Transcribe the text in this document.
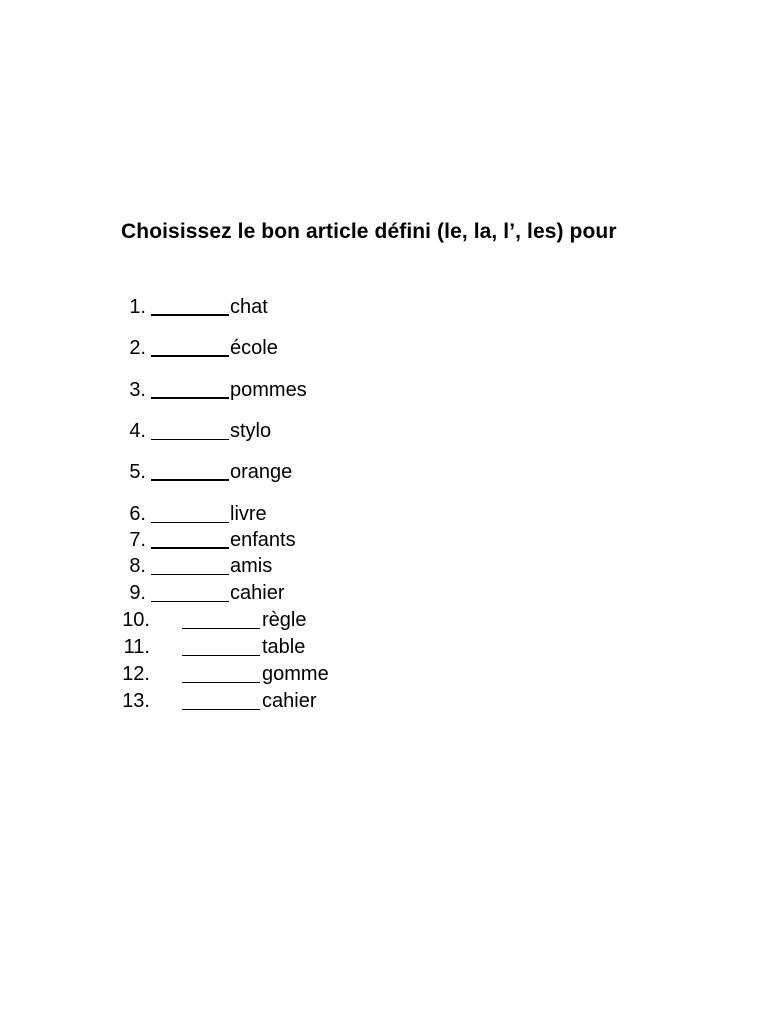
Choisissez le bon article défini (le, la, l’, les) pour
1.	chat
2.	école
3.	pommes
4.	stylo
5.	orange
6.	livre
7.	enfants
8.	amis
9.	cahier
10.	règle
11.	table
12.	gomme
13.	cahier
